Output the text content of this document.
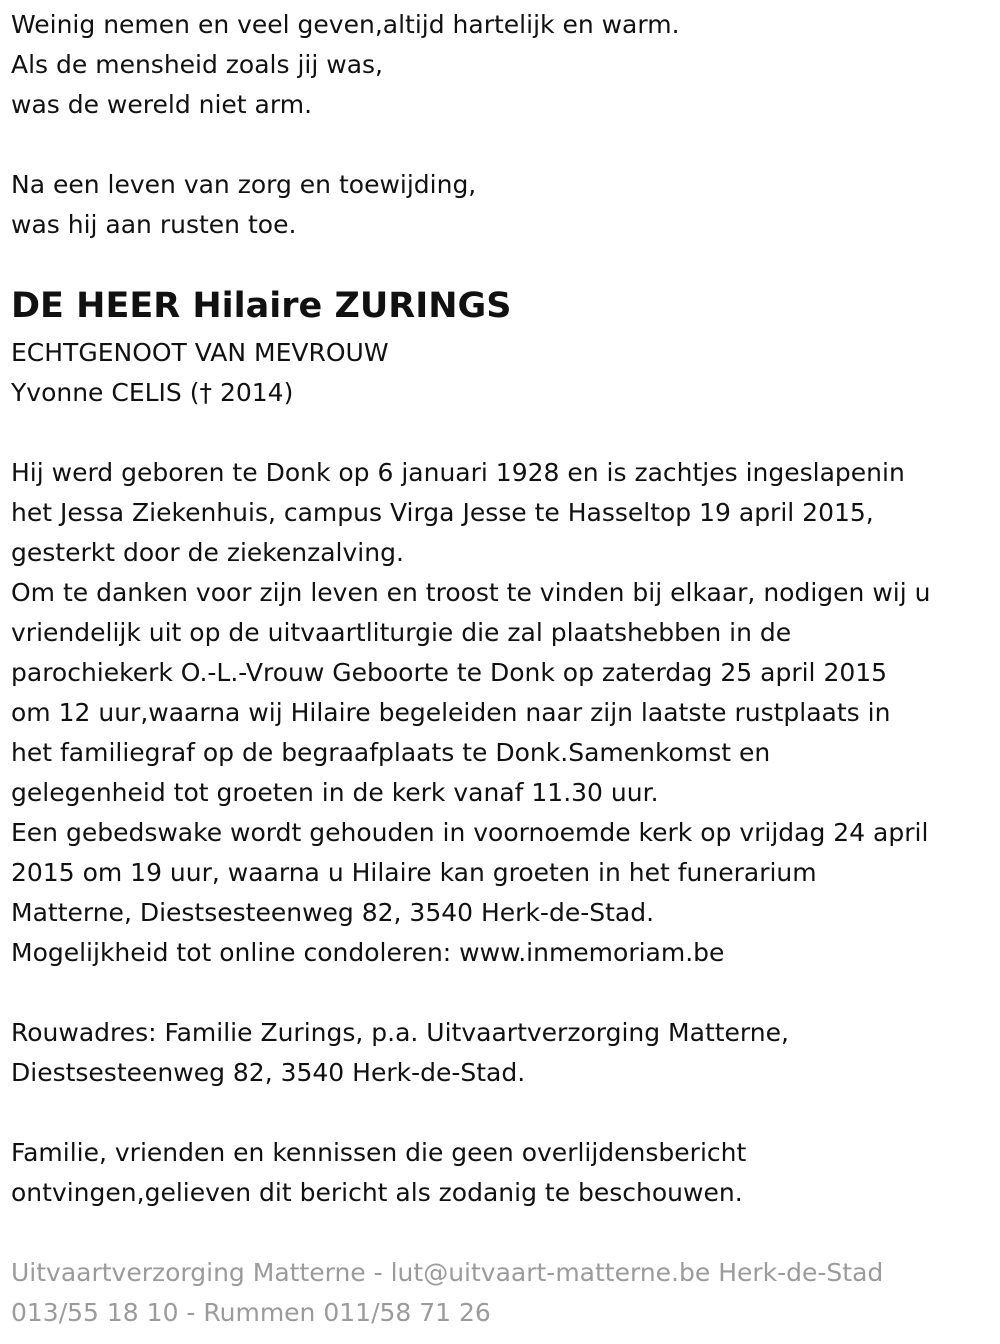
Weinig nemen en veel geven,altijd hartelijk en warm.
Als de mensheid zoals jij was,
was de wereld niet arm.
Na een leven van zorg en toewijding,
was hij aan rusten toe.
DE HEER Hilaire ZURINGS
ECHTGENOOT VAN MEVROUW
Yvonne CELIS († 2014)
Hij werd geboren te Donk op 6 januari 1928 en is zachtjes ingeslapenin
het Jessa Ziekenhuis, campus Virga Jesse te Hasseltop 19 april 2015,
gesterkt door de ziekenzalving.
Om te danken voor zijn leven en troost te vinden bij elkaar, nodigen wij u
vriendelijk uit op de uitvaartliturgie die zal plaatshebben in de
parochiekerk O.-L.-Vrouw Geboorte te Donk op zaterdag 25 april 2015
om 12 uur,waarna wij Hilaire begeleiden naar zijn laatste rustplaats in
het familiegraf op de begraafplaats te Donk.Samenkomst en
gelegenheid tot groeten in de kerk vanaf 11.30 uur.
Een gebedswake wordt gehouden in voornoemde kerk op vrijdag 24 april
2015 om 19 uur, waarna u Hilaire kan groeten in het funerarium
Matterne, Diestsesteenweg 82, 3540 Herk-de-Stad.
Mogelijkheid tot online condoleren: www.inmemoriam.be
Rouwadres: Familie Zurings, p.a. Uitvaartverzorging Matterne,
Diestsesteenweg 82, 3540 Herk-de-Stad.
Familie, vrienden en kennissen die geen overlijdensbericht
ontvingen,gelieven dit bericht als zodanig te beschouwen.
Uitvaartverzorging Matterne - lut@uitvaart-matterne.be Herk-de-Stad
013/55 18 10 - Rummen 011/58 71 26
